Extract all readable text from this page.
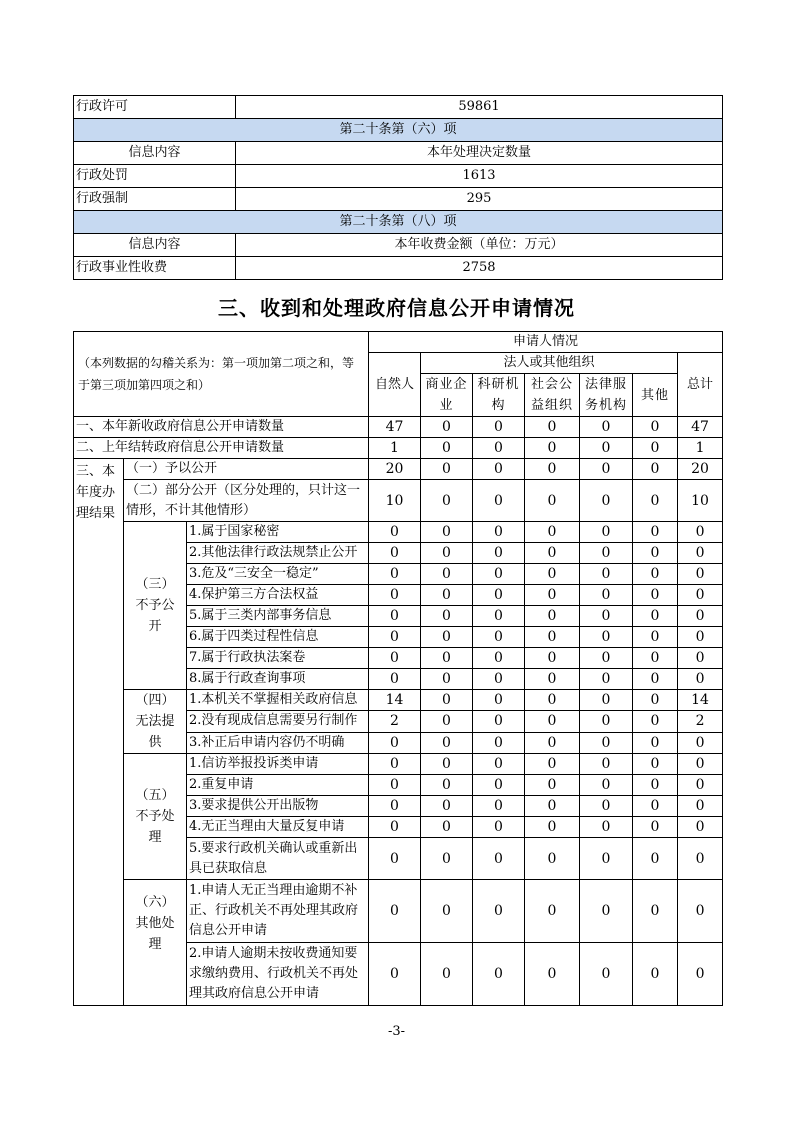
行政许可	59861
第二十条第（六）项	
信息内容	本年处理决定数量
行政处罚	1613
行政强制	295
第二十条第（八）项	
信息内容	本年收费金额（单位：万元）
行政事业性收费	2758
三、收到和处理政府信息公开申请情况
（本列数据的勾稽关系为：第一项加第二项之和，等于第三项加第四项之和）			申请人情况						
			自然人	法人或其他组织					总计
				商业企业	科研机构	社会公益组织	法律服务机构	其他	
一、本年新收政府信息公开申请数量			47	0	0	0	0	0	47
二、上年结转政府信息公开申请数量			1	0	0	0	0	0	1
三、本年度办理结果	（一）予以公开		20	0	0	0	0	0	20
	（二）部分公开（区分处理的，只计这一情形，不计其他情形）		10	0	0	0	0	0	10
	（三）不予公开	1.属于国家秘密	0	0	0	0	0	0	0
		2.其他法律行政法规禁止公开	0	0	0	0	0	0	0
		3.危及“三安全一稳定”	0	0	0	0	0	0	0
		4.保护第三方合法权益	0	0	0	0	0	0	0
		5.属于三类内部事务信息	0	0	0	0	0	0	0
		6.属于四类过程性信息	0	0	0	0	0	0	0
		7.属于行政执法案卷	0	0	0	0	0	0	0
		8.属于行政查询事项	0	0	0	0	0	0	0
	（四）无法提供	1.本机关不掌握相关政府信息	14	0	0	0	0	0	14
		2.没有现成信息需要另行制作	2	0	0	0	0	0	2
		3.补正后申请内容仍不明确	0	0	0	0	0	0	0
	（五）不予处理	1.信访举报投诉类申请	0	0	0	0	0	0	0
		2.重复申请	0	0	0	0	0	0	0
		3.要求提供公开出版物	0	0	0	0	0	0	0
		4.无正当理由大量反复申请	0	0	0	0	0	0	0
		5.要求行政机关确认或重新出具已获取信息	0	0	0	0	0	0	0
	（六）其他处理	1.申请人无正当理由逾期不补正、行政机关不再处理其政府信息公开申请	0	0	0	0	0	0	0
		2.申请人逾期未按收费通知要求缴纳费用、行政机关不再处理其政府信息公开申请	0	0	0	0	0	0	0
-3-
